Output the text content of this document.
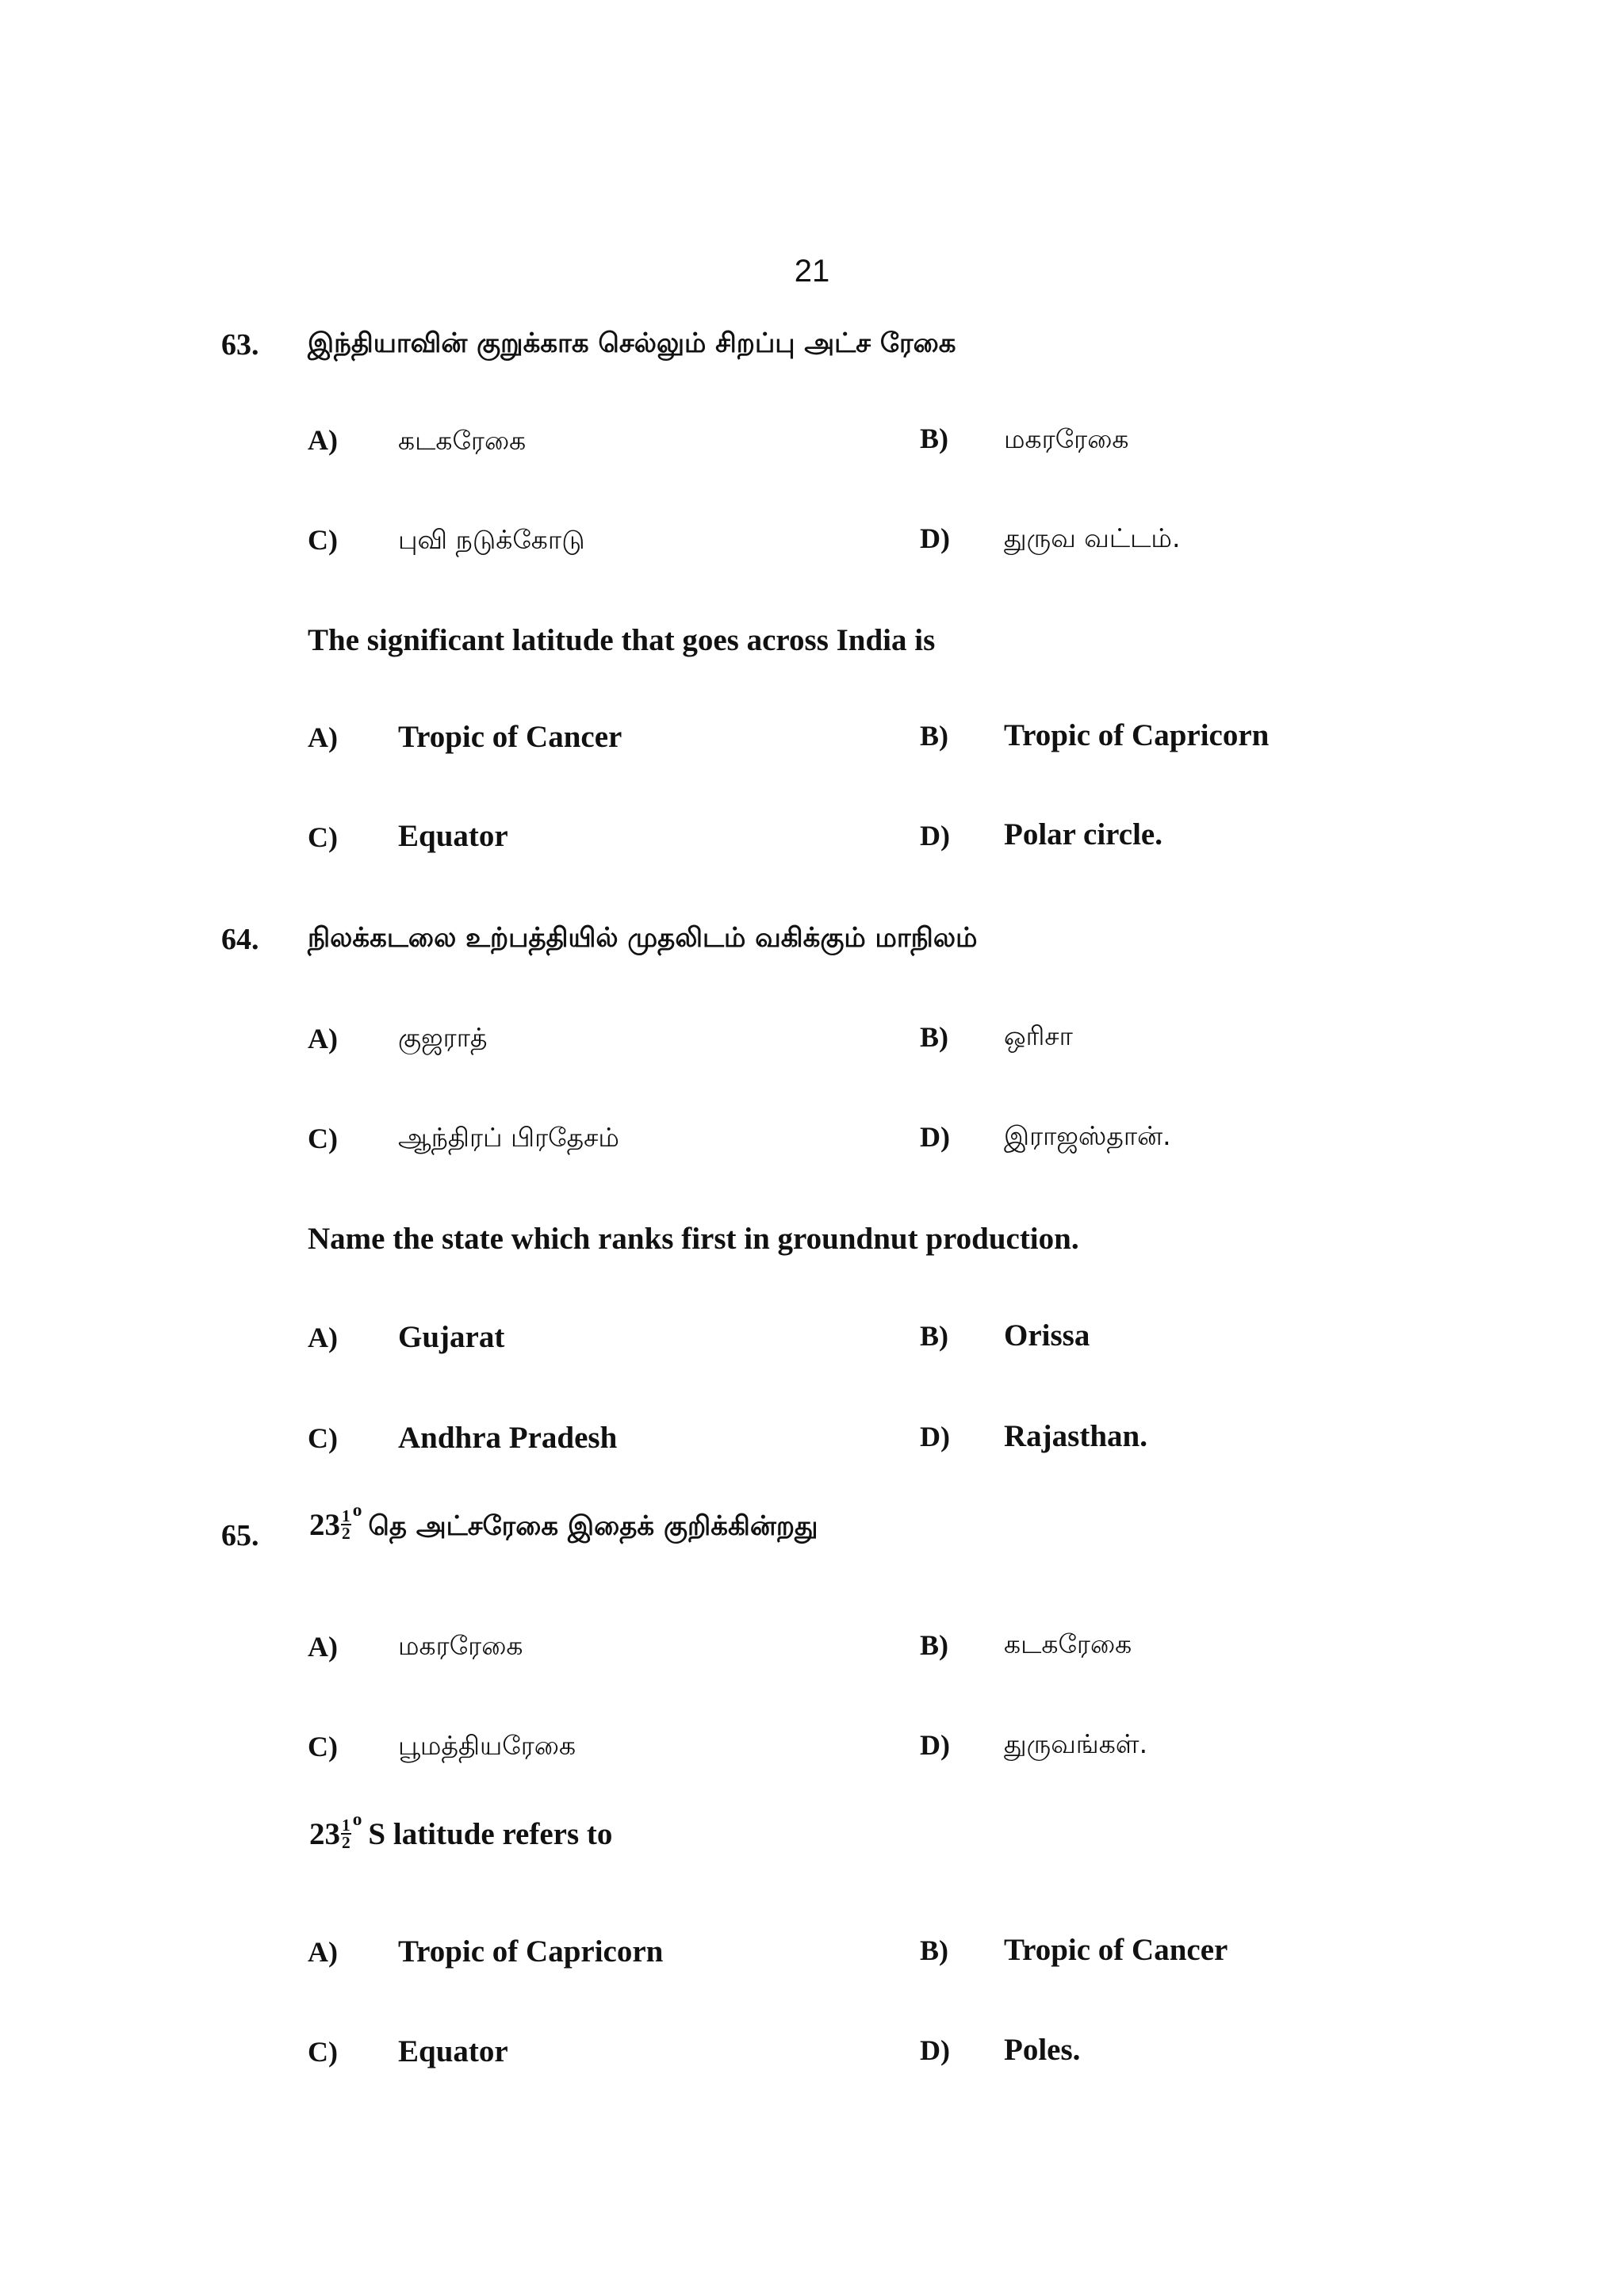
21
63. இந்தியாவின் குறுக்காக செல்லும் சிறப்பு அட்ச ரேகை
A) கடகரேகை	B) மகரரேகை
C) புவி நடுக்கோடு	D) துருவ வட்டம்.
The significant latitude that goes across India is
A) Tropic of Cancer	B) Tropic of Capricorn
C) Equator	D) Polar circle.
64. நிலக்கடலை உற்பத்தியில் முதலிடம் வகிக்கும் மாநிலம்
A) குஜராத்	B) ஒரிசா
C) ஆந்திரப் பிரதேசம்	D) இராஜஸ்தான்.
Name the state which ranks first in groundnut production.
A) Gujarat	B) Orissa
C) Andhra Pradesh	D) Rajasthan.
65. $23 \frac{1}{2}$ o தெ அட்சரேகை இதைக் குறிக்கின்றது
A) மகரரேகை	B) கடகரேகை
C) பூமத்தியரேகை	D) துருவங்கள்.
$23 \frac{1}{2}$ o S latitude refers to
A) Tropic of Capricorn	B) Tropic of Cancer
C) Equator	D) Poles.
